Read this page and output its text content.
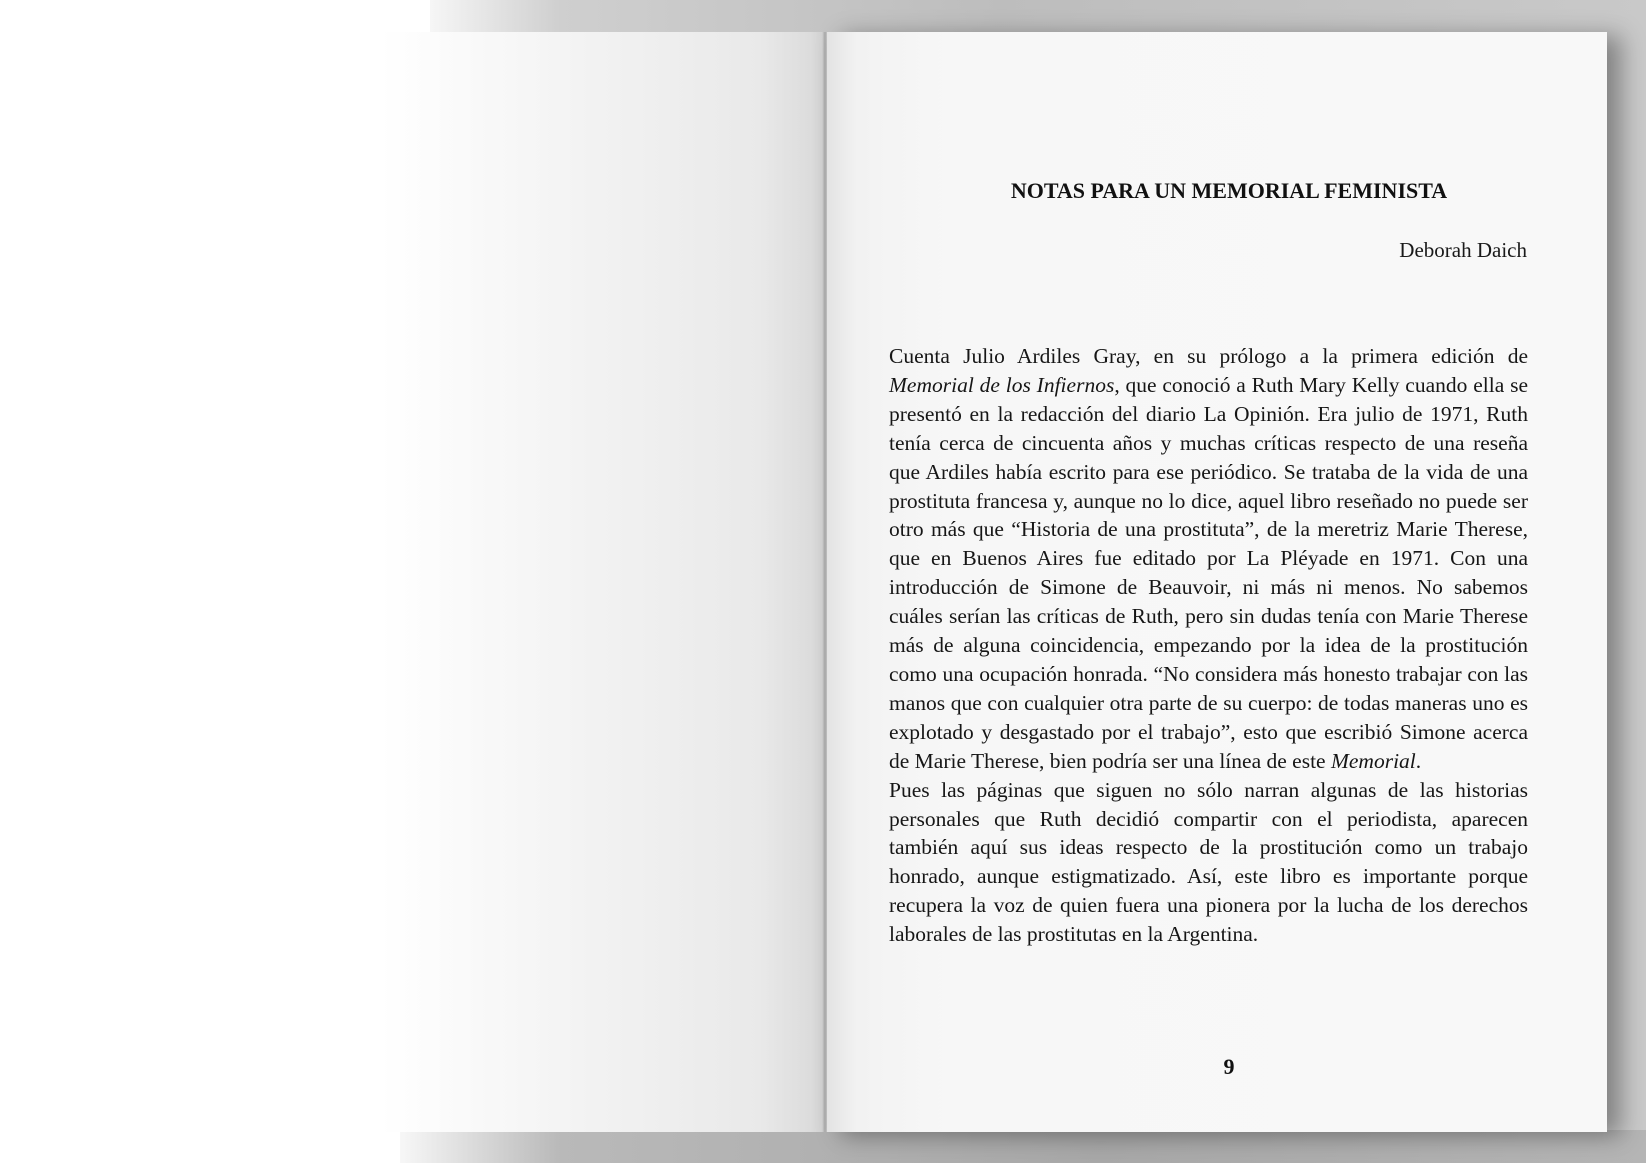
NOTAS PARA UN MEMORIAL FEMINISTA

Deborah Daich

Cuenta Julio Ardiles Gray, en su prólogo a la primera edición de Memorial de los Infiernos, que conoció a Ruth Mary Kelly cuando ella se presentó en la redacción del diario La Opinión. Era julio de 1971, Ruth tenía cerca de cincuenta años y muchas críticas respecto de una reseña que Ardiles había escrito para ese periódico. Se trataba de la vida de una prostituta francesa y, aunque no lo dice, aquel libro reseñado no puede ser otro más que “Historia de una prostituta”, de la meretriz Marie Therese, que en Buenos Aires fue editado por La Pléyade en 1971. Con una introducción de Simone de Beauvoir, ni más ni menos. No sabemos cuáles serían las críticas de Ruth, pero sin dudas tenía con Marie Therese más de alguna coincidencia, empezando por la idea de la prostitución como una ocupación honrada. “No considera más honesto trabajar con las manos que con cualquier otra parte de su cuerpo: de todas maneras uno es explotado y desgastado por el trabajo”, esto que escribió Simone acerca de Marie Therese, bien podría ser una línea de este Memorial.

Pues las páginas que siguen no sólo narran algunas de las historias personales que Ruth decidió compartir con el periodista, aparecen también aquí sus ideas respecto de la prostitución como un trabajo honrado, aunque estigmatizado. Así, este libro es importante porque recupera la voz de quien fuera una pionera por la lucha de los derechos laborales de las prostitutas en la Argentina.

9
